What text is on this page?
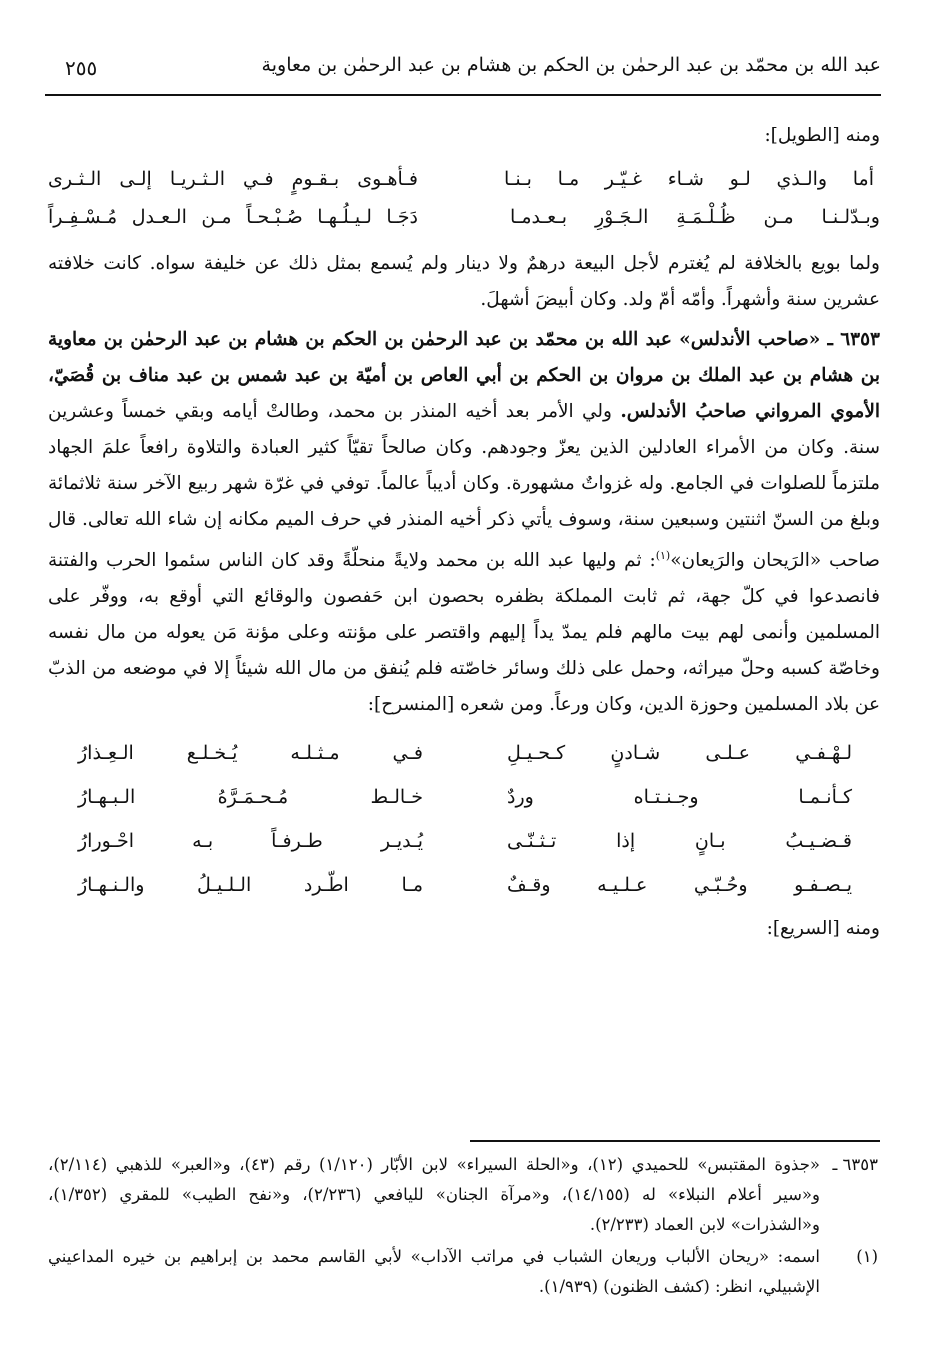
عبد الله بن محمّد بن عبد الرحمٰن بن الحكم بن هشام بن عبد الرحمٰن بن معاوية
٢٥٥

ومنه [الطويل]:

أما والـذي لـو شـاء غـيّـر مـا بـنـا
فـأهـوى بـقـومٍ فـي الـثـريـا إلـى الـثـرى
وبـدّلـنـا مـن ظُـلْـمَـةِ الـجَـوْرِ بـعـدمـا
دَجَـا لـيـلُـهـا صُـبْـحـاً مـن الـعـدل مُـسْـفِـراً

ولما بويع بالخلافة لم يُغترم لأجل البيعة درهمٌ ولا دينار ولم يُسمع بمثل ذلك عن خليفة سواه. كانت خلافته عشرين سنة وأشهراً. وأمّه أمّ ولد. وكان أبيضَ أشهلَ.

٦٣٥٣ ـ «صاحب الأندلس» عبد الله بن محمّد بن عبد الرحمٰن بن الحكم بن هشام بن عبد الرحمٰن بن معاوية بن هشام بن عبد الملك بن مروان بن الحكم بن أبي العاص بن أميّة بن عبد شمس بن عبد مناف بن قُصَيّ، الأموي المرواني صاحبُ الأندلس. ولي الأمر بعد أخيه المنذر بن محمد، وطالتْ أيامه وبقي خمساً وعشرين سنة. وكان من الأمراء العادلين الذين يعزّ وجودهم. وكان صالحاً تقيّاً كثير العبادة والتلاوة رافعاً علمَ الجهاد ملتزماً للصلوات في الجامع. وله غزواتٌ مشهورة. وكان أديباً عالماً. توفي في غرّة شهر ربيع الآخر سنة ثلاثمائة وبلغ من السنّ اثنتين وسبعين سنة، وسوف يأتي ذكر أخيه المنذر في حرف الميم مكانه إن شاء الله تعالى. قال صاحب «الرَيحان والرَيعان»$^{(١)}$: ثم وليها عبد الله بن محمد ولايةً منحلّةً وقد كان الناس سئموا الحرب والفتنة فانصدعوا في كلّ جهة، ثم ثابت المملكة بظفره بحصون ابن حَفصون والوقائع التي أوقع به، ووفّر على المسلمين وأنمى لهم بيت مالهم فلم يمدّ يداً إليهم واقتصر على مؤنته وعلى مؤنة مَن يعوله من مال نفسه وخاصّة كسبه وحلّ ميراثه، وحمل على ذلك وسائر خاصّته فلم يُنفق من مال الله شيئاً إلا في موضعه من الذبّ عن بلاد المسلمين وحوزة الدين، وكان ورعاً. ومن شعره [المنسرح]:

لـهْـفـي عـلـى شـادنٍ كـحـيـلِ
فـي مـثـلـه يُـخـلـع الـعِـذارُ
كـأنـمـا وجـنـتـاه وردٌ
خـالـط مُـحـمَـرَّهُ الـبـهـارُ
قـضـيـبُ بـانٍ إذا تـثـنّـى
يُـديـر طـرفـاً بـه احْـورارُ
يـصـفـو وحُـبّـي عـلـيـه وقـفٌ
مـا اطّـرد الـلـيـلُ والـنـهـارُ

ومنه [السريع]:

٦٣٥٣ ـ
«جذوة المقتبس» للحميدي (١٢)، و«الحلة السيراء» لابن الأبّار (١/١٢٠) رقم (٤٣)، و«العبر» للذهبي (٢/١١٤)، و«سير أعلام النبلاء» له (١٤/١٥٥)، و«مرآة الجنان» لليافعي (٢/٢٣٦)، و«نفح الطيب» للمقري (١/٣٥٢)، و«الشذرات» لابن العماد (٢/٢٣٣).
(١)
اسمه: «ريحان الألباب وريعان الشباب في مراتب الآداب» لأبي القاسم محمد بن إبراهيم بن خيره المداعيني الإشبيلي، انظر: (كشف الظنون) (١/٩٣٩).
